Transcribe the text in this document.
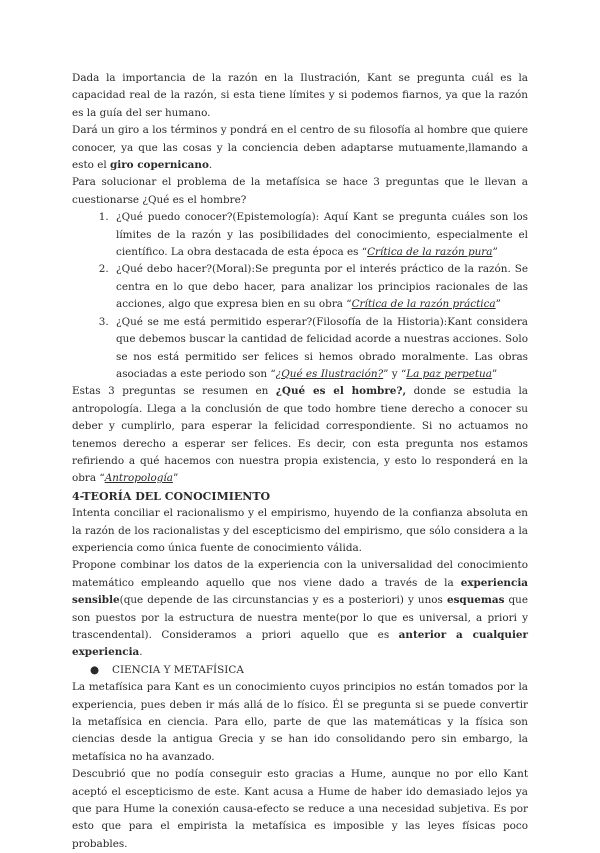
Dada la importancia de la razón en la Ilustración, Kant se pregunta cuál es la capacidad real de la razón, si esta tiene límites y si podemos fiarnos, ya que la razón es la guía del ser humano.

Dará un giro a los términos y pondrá en el centro de su filosofía al hombre que quiere conocer, ya que las cosas y la conciencia deben adaptarse mutuamente,llamando a esto el giro copernicano.

Para solucionar el problema de la metafísica se hace 3 preguntas que le llevan a cuestionarse ¿Qué es el hombre?

1. ¿Qué puedo conocer?(Epistemología): Aquí Kant se pregunta cuáles son los límites de la razón y las posibilidades del conocimiento, especialmente el científico. La obra destacada de esta época es “Crítica de la razón pura”
2. ¿Qué debo hacer?(Moral):Se pregunta por el interés práctico de la razón. Se centra en lo que debo hacer, para analizar los principios racionales de las acciones, algo que expresa bien en su obra “Crítica de la razón práctica”
3. ¿Qué se me está permitido esperar?(Filosofía de la Historia):Kant considera que debemos buscar la cantidad de felicidad acorde a nuestras acciones. Solo se nos está permitido ser felices si hemos obrado moralmente. Las obras asociadas a este periodo son “¿Qué es Ilustración?” y “La paz perpetua”

Estas 3 preguntas se resumen en ¿Qué es el hombre?, donde se estudia la antropología. Llega a la conclusión de que todo hombre tiene derecho a conocer su deber y cumplirlo, para esperar la felicidad correspondiente. Si no actuamos no tenemos derecho a esperar ser felices. Es decir, con esta pregunta nos estamos refiriendo a qué hacemos con nuestra propia existencia, y esto lo responderá en la obra “Antropología”

4-TEORÍA DEL CONOCIMIENTO

Intenta conciliar el racionalismo y el empirismo, huyendo de la confianza absoluta en la razón de los racionalistas y del escepticismo del empirismo, que sólo considera a la experiencia como única fuente de conocimiento válida.

Propone combinar los datos de la experiencia con la universalidad del conocimiento matemático empleando aquello que nos viene dado a través de la experiencia sensible(que depende de las circunstancias y es a posteriori) y unos esquemas que son puestos por la estructura de nuestra mente(por lo que es universal, a priori y trascendental). Consideramos a priori aquello que es anterior a cualquier experiencia.

● CIENCIA Y METAFÍSICA

La metafísica para Kant es un conocimiento cuyos principios no están tomados por la experiencia, pues deben ir más allá de lo físico. Él se pregunta si se puede convertir la metafísica en ciencia. Para ello, parte de que las matemáticas y la física son ciencias desde la antigua Grecia y se han ido consolidando pero sin embargo, la metafísica no ha avanzado.

Descubrió que no podía conseguir esto gracias a Hume, aunque no por ello Kant aceptó el escepticismo de este. Kant acusa a Hume de haber ido demasiado lejos ya que para Hume la conexión causa-efecto se reduce a una necesidad subjetiva. Es por esto que para el empirista la metafísica es imposible y las leyes físicas poco probables.
